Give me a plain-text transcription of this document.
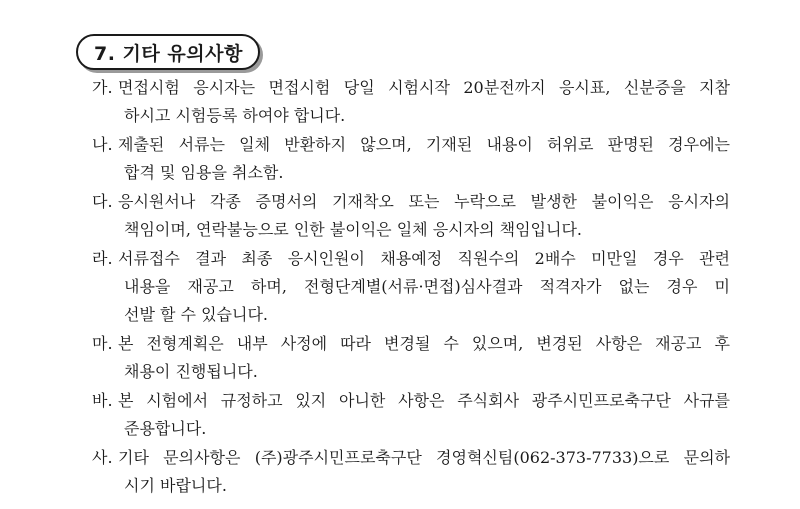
7. 기타 유의사항
가. 면접시험 응시자는 면접시험 당일 시험시작 20분전까지 응시표, 신분증을 지참
하시고 시험등록 하여야 합니다.
나. 제출된 서류는 일체 반환하지 않으며, 기재된 내용이 허위로 판명된 경우에는
합격 및 임용을 취소함.
다. 응시원서나 각종 증명서의 기재착오 또는 누락으로 발생한 불이익은 응시자의
책임이며, 연락불능으로 인한 불이익은 일체 응시자의 책임입니다.
라. 서류접수 결과 최종 응시인원이 채용예정 직원수의 2배수 미만일 경우 관련
내용을 재공고 하며, 전형단계별(서류·면접)심사결과 적격자가 없는 경우 미
선발 할 수 있습니다.
마. 본 전형계획은 내부 사정에 따라 변경될 수 있으며, 변경된 사항은 재공고 후
채용이 진행됩니다.
바. 본 시험에서 규정하고 있지 아니한 사항은 주식회사 광주시민프로축구단 사규를
준용합니다.
사. 기타 문의사항은 (주)광주시민프로축구단 경영혁신팀(062-373-7733)으로 문의하
시기 바랍니다.
